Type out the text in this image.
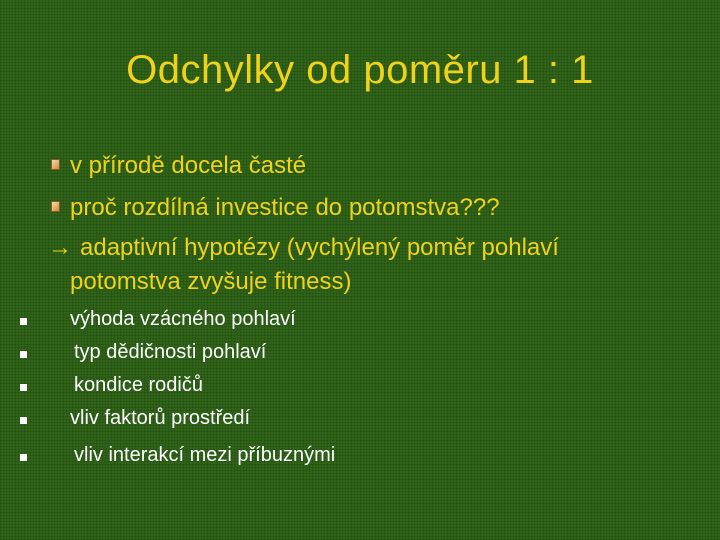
Odchylky od poměru 1 : 1
v přírodě docela časté
proč rozdílná investice do potomstva???
→ adaptivní hypotézy (vychýlený poměr pohlaví
potomstva zvyšuje fitness)
výhoda vzácného pohlaví
typ dědičnosti pohlaví
kondice rodičů
vliv faktorů prostředí
vliv interakcí mezi příbuznými
